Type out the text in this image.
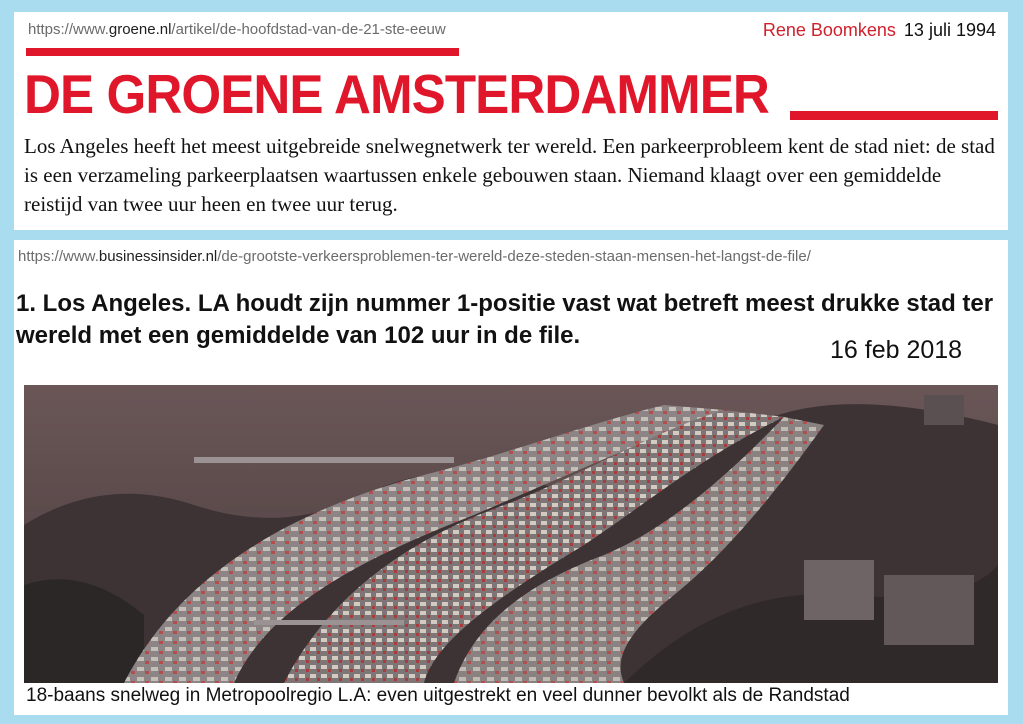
https://www.groene.nl/artikel/de-hoofdstad-van-de-21-ste-eeuw	Rene Boomkens 13 juli 1994
DE GROENE AMSTERDAMMER

Los Angeles heeft het meest uitgebreide snelwegnetwerk ter wereld. Een parkeerprobleem kent de stad niet: de stad is een verzameling parkeerplaatsen waartussen enkele gebouwen staan. Niemand klaagt over een gemiddelde reistijd van twee uur heen en twee uur terug.

https://www.businessinsider.nl/de-grootste-verkeersproblemen-ter-wereld-deze-steden-staan-mensen-het-langst-de-file/

1. Los Angeles. LA houdt zijn nummer 1-positie vast wat betreft meest drukke stad ter wereld met een gemiddelde van 102 uur in de file.

16 feb 2018
18-baans snelweg in Metropoolregio L.A: even uitgestrekt en veel dunner bevolkt als de Randstad
